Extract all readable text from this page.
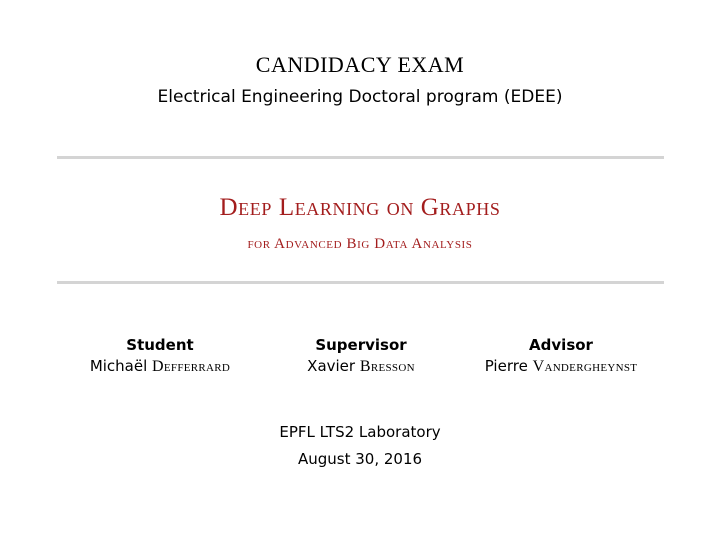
CANDIDACY EXAM
Electrical Engineering Doctoral program (EDEE)
Deep Learning on Graphs
for Advanced Big Data Analysis
Student
Michaël Defferrard
Supervisor
Xavier Bresson
Advisor
Pierre Vandergheynst
EPFL LTS2 Laboratory
August 30, 2016
